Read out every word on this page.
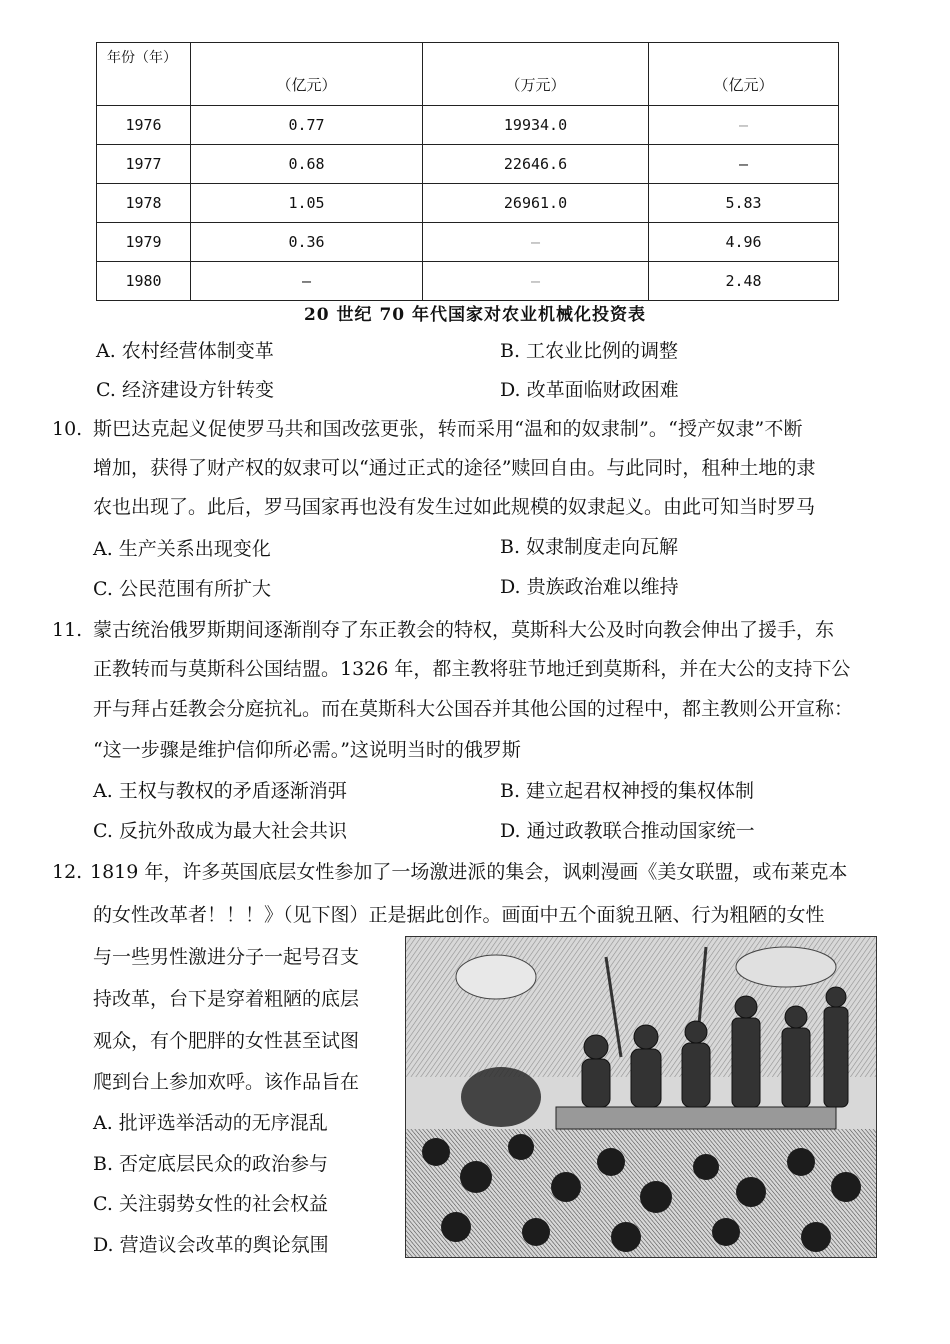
年份（年）	（亿元）	（万元）	（亿元）
1976	0.77	19934.0	—
1977	0.68	22646.6	—
1978	1.05	26961.0	5.83
1979	0.36	—	4.96
1980	—	—	2.48
20 世纪 70 年代国家对农业机械化投资表
A. 农村经营体制变革	B. 工农业比例的调整
C. 经济建设方针转变	D. 改革面临财政困难
10. 斯巴达克起义促使罗马共和国改弦更张，转而采用“温和的奴隶制”。“授产奴隶”不断
增加，获得了财产权的奴隶可以“通过正式的途径”赎回自由。与此同时，租种土地的隶
农也出现了。此后，罗马国家再也没有发生过如此规模的奴隶起义。由此可知当时罗马
A. 生产关系出现变化	B. 奴隶制度走向瓦解
C. 公民范围有所扩大	D. 贵族政治难以维持
11. 蒙古统治俄罗斯期间逐渐削夺了东正教会的特权，莫斯科大公及时向教会伸出了援手，东
正教转而与莫斯科公国结盟。1326 年，都主教将驻节地迁到莫斯科，并在大公的支持下公
开与拜占廷教会分庭抗礼。而在莫斯科大公国吞并其他公国的过程中，都主教则公开宣称：
“这一步骤是维护信仰所必需。”这说明当时的俄罗斯
A. 王权与教权的矛盾逐渐消弭	B. 建立起君权神授的集权体制
C. 反抗外敌成为最大社会共识	D. 通过政教联合推动国家统一
12. 1819 年，许多英国底层女性参加了一场激进派的集会，讽刺漫画《美女联盟，或布莱克本
的女性改革者！！！》（见下图）正是据此创作。画面中五个面貌丑陋、行为粗陋的女性
与一些男性激进分子一起号召支
持改革，台下是穿着粗陋的底层
观众，有个肥胖的女性甚至试图
爬到台上参加欢呼。该作品旨在
A. 批评选举活动的无序混乱
B. 否定底层民众的政治参与
C. 关注弱势女性的社会权益
D. 营造议会改革的舆论氛围
